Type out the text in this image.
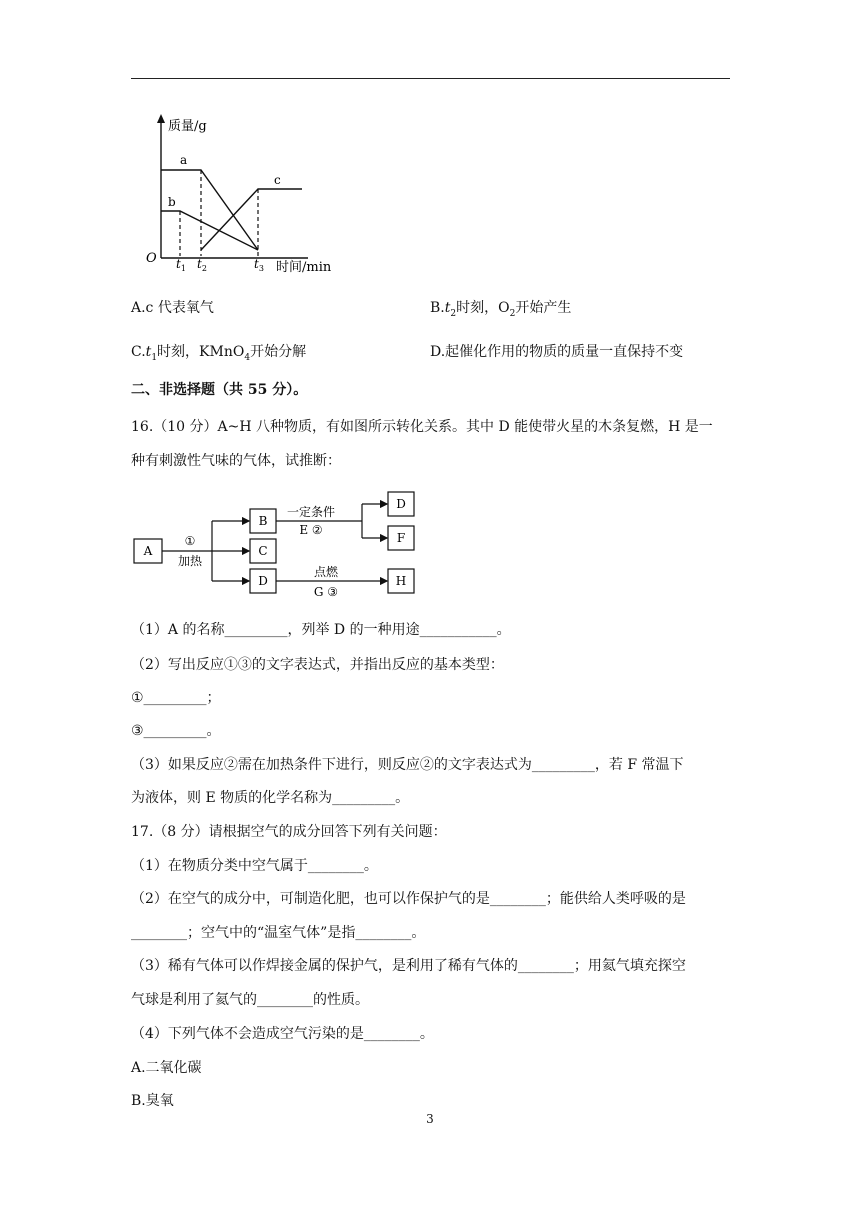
质量/g
O
时间/min
a
b
c
$t_1$ $t_2$	$t_3$
A.c 代表氧气	$B.t_2$时刻，$O_2$开始产生
$C.t_1$时刻，KMnO$_4$开始分解	D.起催化作用的物质的质量一直保持不变
二、非选择题（共 55 分）。
16.（10 分）A~H 八种物质，有如图所示转化关系。其中 D 能使带火星的木条复燃，H 是一
种有刺激性气味的气体，试推断：
A
B
C
D
D
F
H
①
加热
一定条件
E ②
点燃
G ③
（1）A 的名称_________，列举 D 的一种用途___________。
（2）写出反应①③的文字表达式，并指出反应的基本类型：
①_________；
③_________。
（3）如果反应②需在加热条件下进行，则反应②的文字表达式为_________，若 F 常温下
为液体，则 E 物质的化学名称为_________。
17.（8 分）请根据空气的成分回答下列有关问题：
（1）在物质分类中空气属于________。
（2）在空气的成分中，可制造化肥，也可以作保护气的是________；能供给人类呼吸的是
________；空气中的“温室气体”是指________。
（3）稀有气体可以作焊接金属的保护气，是利用了稀有气体的________；用氦气填充探空
气球是利用了氦气的________的性质。
（4）下列气体不会造成空气污染的是________。
A.二氧化碳
B.臭氧
3
